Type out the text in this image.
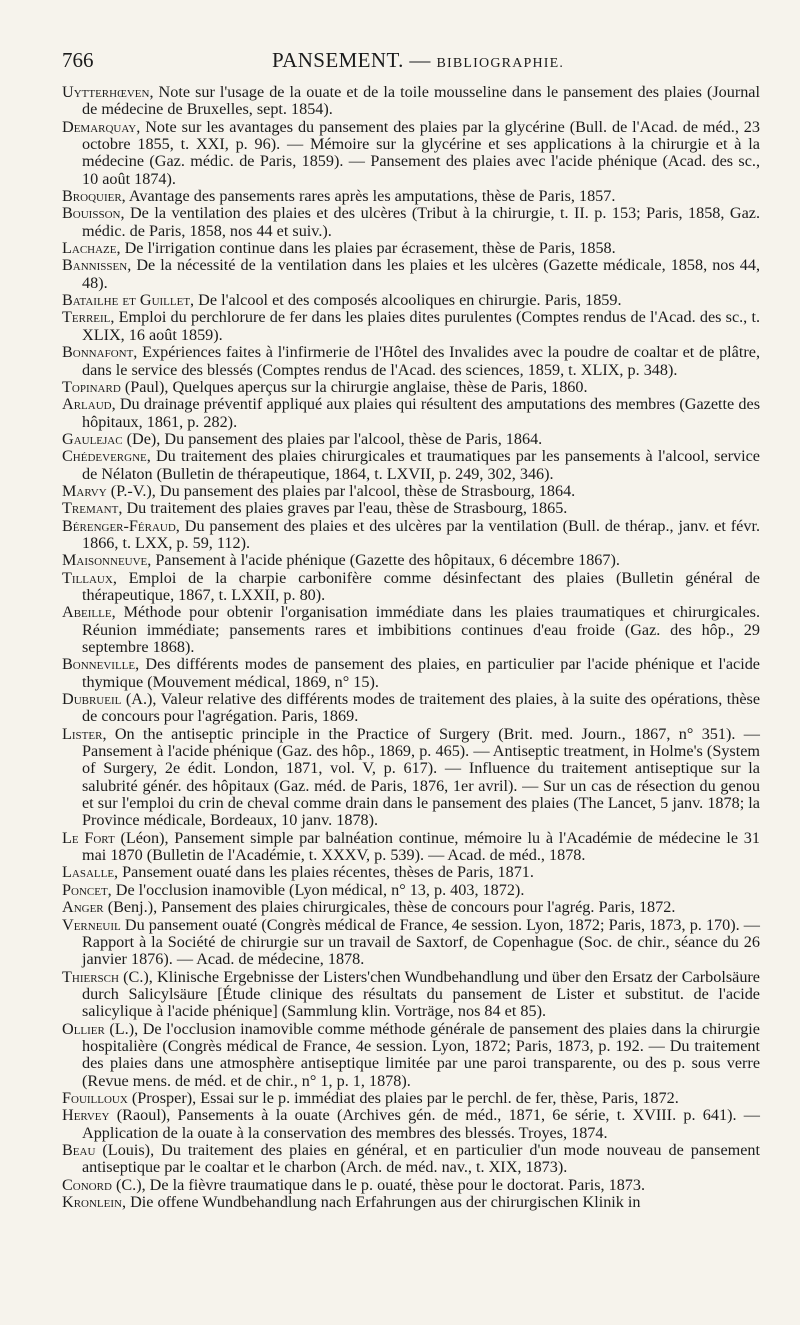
766	PANSEMENT. — BIBLIOGRAPHIE.

Uytterhœven, Note sur l'usage de la ouate et de la toile mousseline dans le pansement des plaies (Journal de médecine de Bruxelles, sept. 1854).

Demarquay, Note sur les avantages du pansement des plaies par la glycérine (Bull. de l'Acad. de méd., 23 octobre 1855, t. XXI, p. 96). — Mémoire sur la glycérine et ses applications à la chirurgie et à la médecine (Gaz. médic. de Paris, 1859). — Pansement des plaies avec l'acide phénique (Acad. des sc., 10 août 1874).

Broquier, Avantage des pansements rares après les amputations, thèse de Paris, 1857.

Bouisson, De la ventilation des plaies et des ulcères (Tribut à la chirurgie, t. II. p. 153; Paris, 1858, Gaz. médic. de Paris, 1858, nos 44 et suiv.).

Lachaze, De l'irrigation continue dans les plaies par écrasement, thèse de Paris, 1858.

Bannissen, De la nécessité de la ventilation dans les plaies et les ulcères (Gazette médicale, 1858, nos 44, 48).

Batailhe et Guillet, De l'alcool et des composés alcooliques en chirurgie. Paris, 1859.

Terreil, Emploi du perchlorure de fer dans les plaies dites purulentes (Comptes rendus de l'Acad. des sc., t. XLIX, 16 août 1859).

Bonnafont, Expériences faites à l'infirmerie de l'Hôtel des Invalides avec la poudre de coaltar et de plâtre, dans le service des blessés (Comptes rendus de l'Acad. des sciences, 1859, t. XLIX, p. 348).

Topinard (Paul), Quelques aperçus sur la chirurgie anglaise, thèse de Paris, 1860.

Arlaud, Du drainage préventif appliqué aux plaies qui résultent des amputations des membres (Gazette des hôpitaux, 1861, p. 282).

Gaulejac (De), Du pansement des plaies par l'alcool, thèse de Paris, 1864.

Chédevergne, Du traitement des plaies chirurgicales et traumatiques par les pansements à l'alcool, service de Nélaton (Bulletin de thérapeutique, 1864, t. LXVII, p. 249, 302, 346).

Marvy (P.-V.), Du pansement des plaies par l'alcool, thèse de Strasbourg, 1864.

Tremant, Du traitement des plaies graves par l'eau, thèse de Strasbourg, 1865.

Bérenger-Féraud, Du pansement des plaies et des ulcères par la ventilation (Bull. de thérap., janv. et févr. 1866, t. LXX, p. 59, 112).

Maisonneuve, Pansement à l'acide phénique (Gazette des hôpitaux, 6 décembre 1867).

Tillaux, Emploi de la charpie carbonifère comme désinfectant des plaies (Bulletin général de thérapeutique, 1867, t. LXXII, p. 80).

Abeille, Méthode pour obtenir l'organisation immédiate dans les plaies traumatiques et chirurgicales. Réunion immédiate; pansements rares et imbibitions continues d'eau froide (Gaz. des hôp., 29 septembre 1868).

Bonneville, Des différents modes de pansement des plaies, en particulier par l'acide phénique et l'acide thymique (Mouvement médical, 1869, n° 15).

Dubrueil (A.), Valeur relative des différents modes de traitement des plaies, à la suite des opérations, thèse de concours pour l'agrégation. Paris, 1869.

Lister, On the antiseptic principle in the Practice of Surgery (Brit. med. Journ., 1867, n° 351). — Pansement à l'acide phénique (Gaz. des hôp., 1869, p. 465). — Antiseptic treatment, in Holme's (System of Surgery, 2e édit. London, 1871, vol. V, p. 617). — Influence du traitement antiseptique sur la salubrité génér. des hôpitaux (Gaz. méd. de Paris, 1876, 1er avril). — Sur un cas de résection du genou et sur l'emploi du crin de cheval comme drain dans le pansement des plaies (The Lancet, 5 janv. 1878; la Province médicale, Bordeaux, 10 janv. 1878).

Le Fort (Léon), Pansement simple par balnéation continue, mémoire lu à l'Académie de médecine le 31 mai 1870 (Bulletin de l'Académie, t. XXXV, p. 539). — Acad. de méd., 1878.

Lasalle, Pansement ouaté dans les plaies récentes, thèses de Paris, 1871.

Poncet, De l'occlusion inamovible (Lyon médical, n° 13, p. 403, 1872).

Anger (Benj.), Pansement des plaies chirurgicales, thèse de concours pour l'agrég. Paris, 1872.

Verneuil Du pansement ouaté (Congrès médical de France, 4e session. Lyon, 1872; Paris, 1873, p. 170). — Rapport à la Société de chirurgie sur un travail de Saxtorf, de Copenhague (Soc. de chir., séance du 26 janvier 1876). — Acad. de médecine, 1878.

Thiersch (C.), Klinische Ergebnisse der Listers'chen Wundbehandlung und über den Ersatz der Carbolsäure durch Salicylsäure [Étude clinique des résultats du pansement de Lister et substitut. de l'acide salicylique à l'acide phénique] (Sammlung klin. Vorträge, nos 84 et 85).

Ollier (L.), De l'occlusion inamovible comme méthode générale de pansement des plaies dans la chirurgie hospitalière (Congrès médical de France, 4e session. Lyon, 1872; Paris, 1873, p. 192. — Du traitement des plaies dans une atmosphère antiseptique limitée par une paroi transparente, ou des p. sous verre (Revue mens. de méd. et de chir., n° 1, p. 1, 1878).

Fouilloux (Prosper), Essai sur le p. immédiat des plaies par le perchl. de fer, thèse, Paris, 1872.

Hervey (Raoul), Pansements à la ouate (Archives gén. de méd., 1871, 6e série, t. XVIII. p. 641). — Application de la ouate à la conservation des membres des blessés. Troyes, 1874.

Beau (Louis), Du traitement des plaies en général, et en particulier d'un mode nouveau de pansement antiseptique par le coaltar et le charbon (Arch. de méd. nav., t. XIX, 1873).

Conord (C.), De la fièvre traumatique dans le p. ouaté, thèse pour le doctorat. Paris, 1873.

Kronlein, Die offene Wundbehandlung nach Erfahrungen aus der chirurgischen Klinik in
